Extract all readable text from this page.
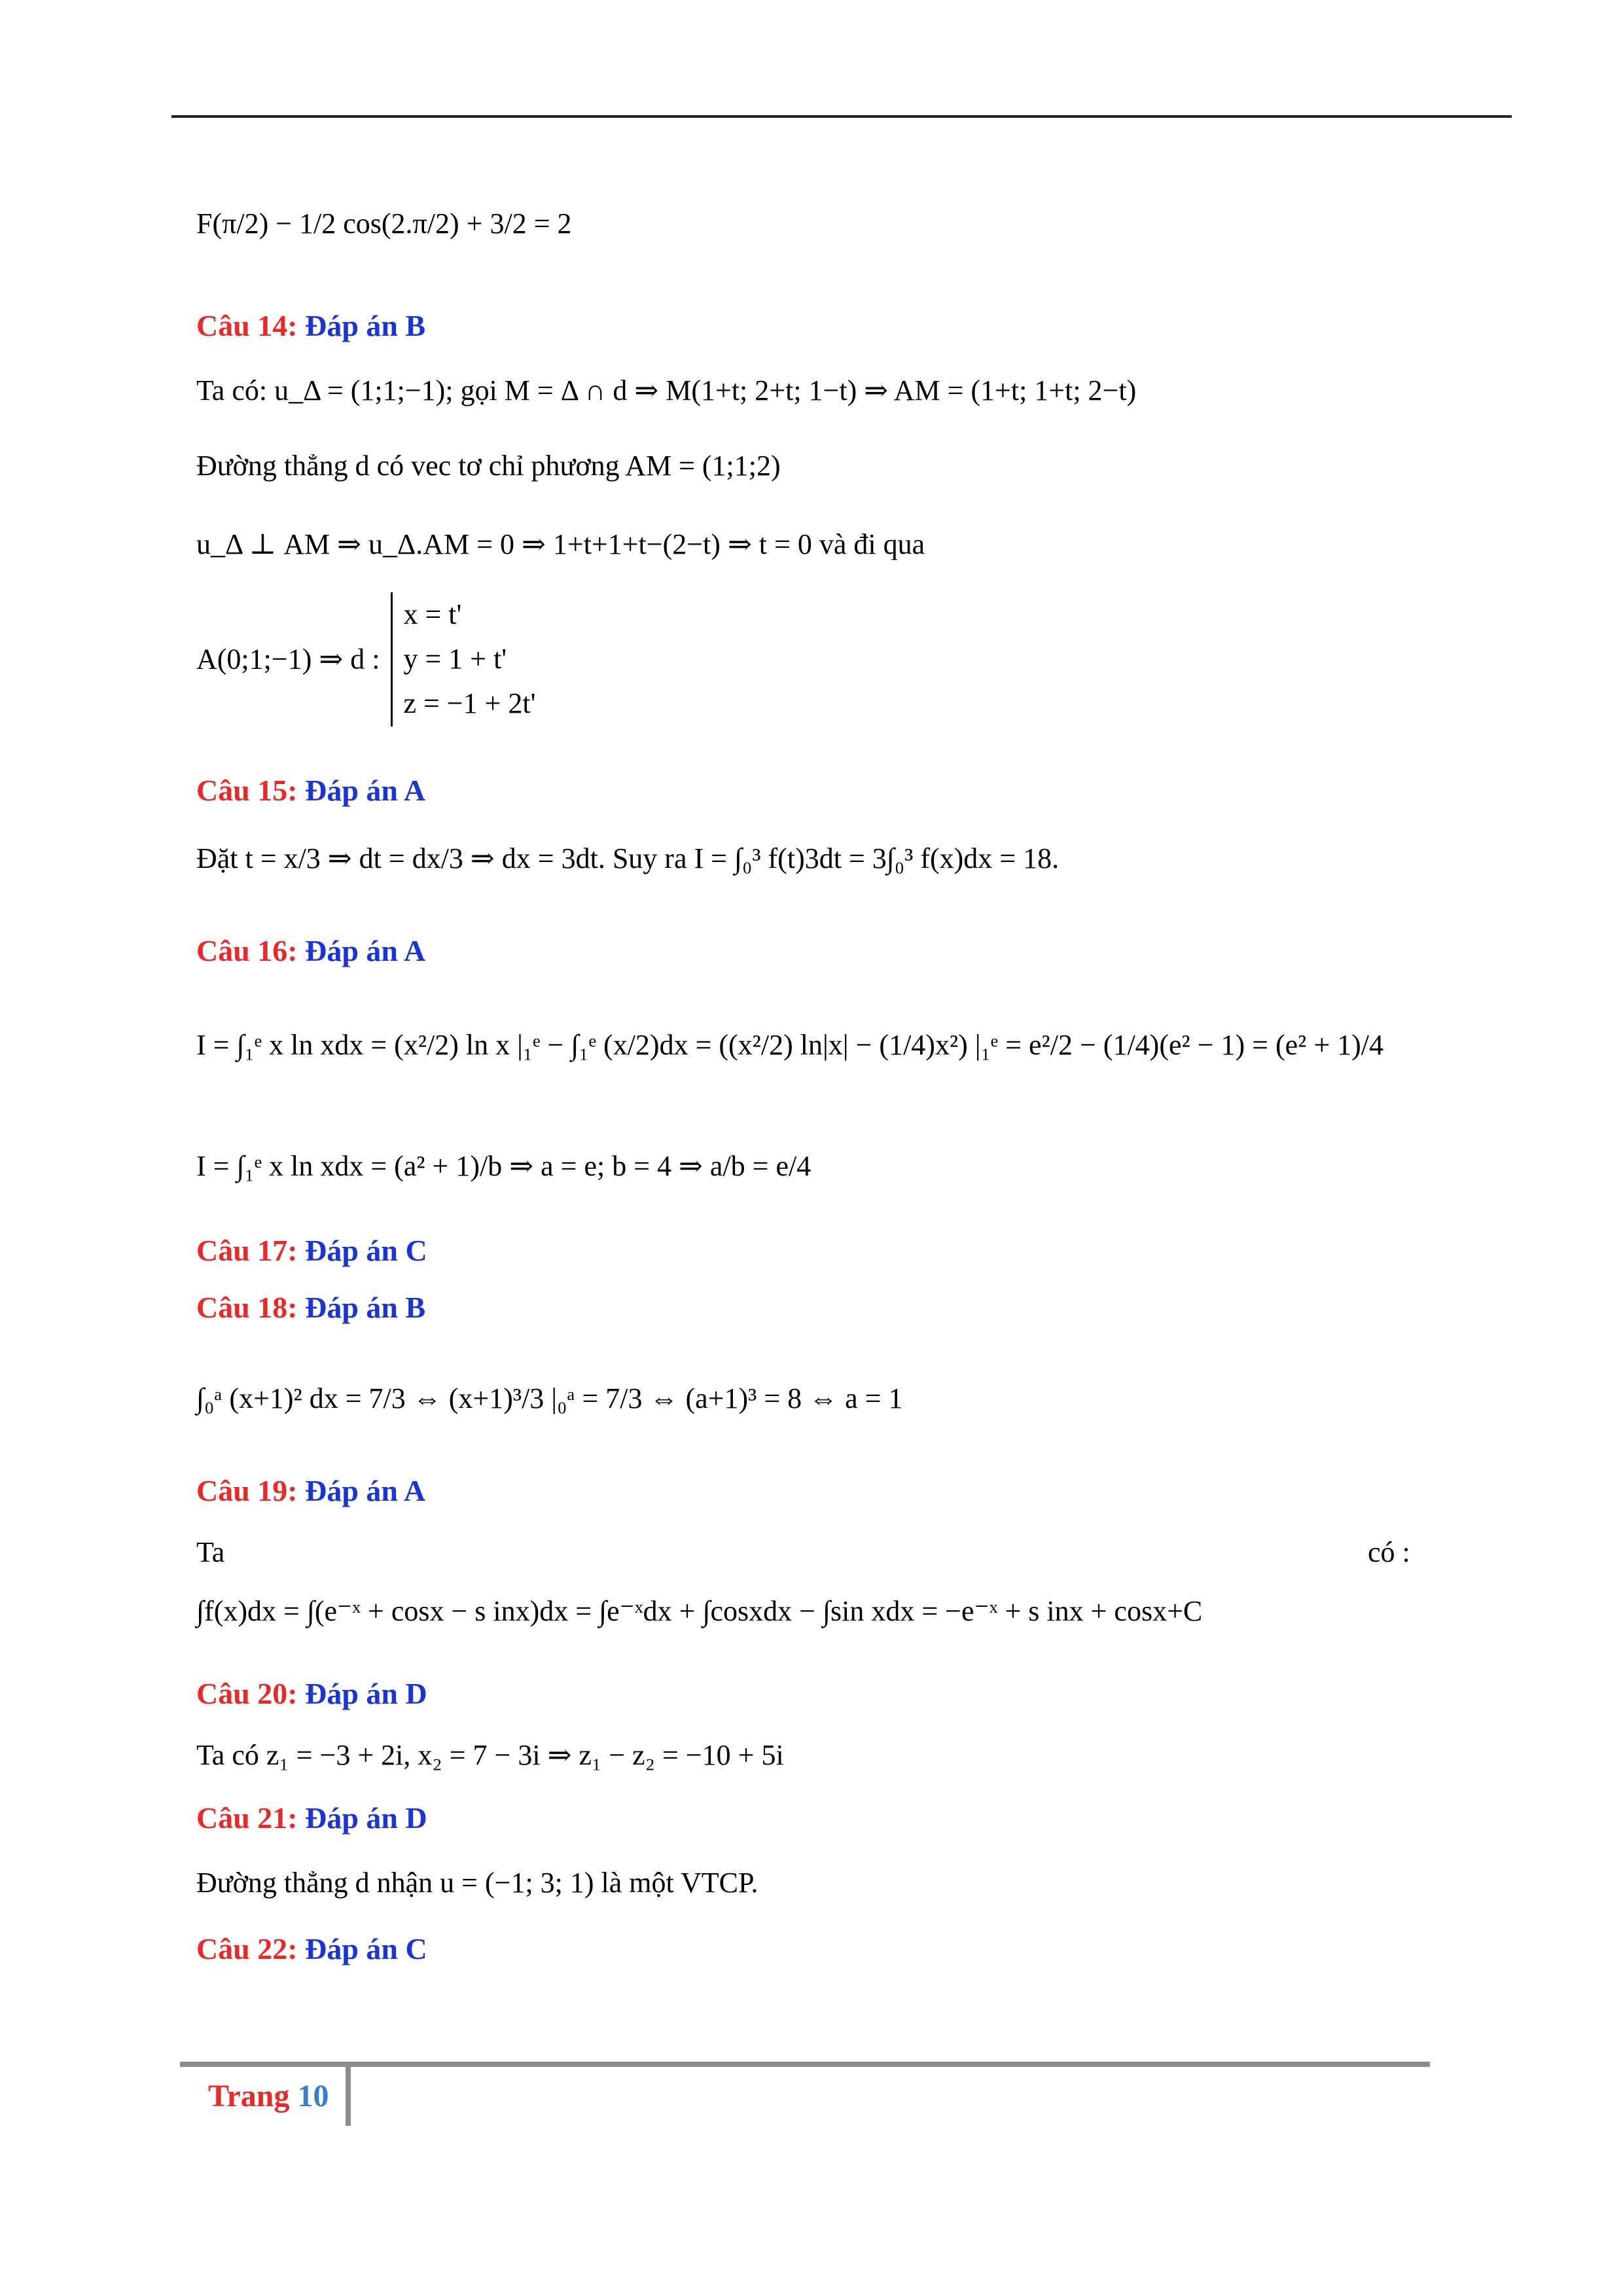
F(π/2) − 1/2 cos(2.π/2) + 3/2 = 2
Câu 14: Đáp án B
Ta có: u_Δ = (1;1;−1); gọi M = Δ ∩ d ⇒ M(1+t; 2+t; 1−t) ⇒ AM = (1+t; 1+t; 2−t)
Đường thẳng d có vec tơ chỉ phương AM = (1;1;2)
u_Δ ⊥ AM ⇒ u_Δ.AM = 0 ⇒ 1+t+1+t−(2−t) ⇒ t = 0 và đi qua
A(0;1;−1) ⇒ d : x = t'
y = 1 + t'
z = −1 + 2t'
Câu 15: Đáp án A
Đặt t = x/3 ⇒ dt = dx/3 ⇒ dx = 3dt. Suy ra I = ∫₀³ f(t)3dt = 3∫₀³ f(x)dx = 18.
Câu 16: Đáp án A
I = ∫₁ᵉ x ln xdx = (x²/2) ln x |₁ᵉ − ∫₁ᵉ (x/2)dx = ((x²/2) ln|x| − (1/4)x²) |₁ᵉ = e²/2 − (1/4)(e² − 1) = (e² + 1)/4
I = ∫₁ᵉ x ln xdx = (a² + 1)/b ⇒ a = e; b = 4 ⇒ a/b = e/4
Câu 17: Đáp án C
Câu 18: Đáp án B
∫₀ᵃ (x+1)² dx = 7/3 ⇔ (x+1)³/3 |₀ᵃ = 7/3 ⇔ (a+1)³ = 8 ⇔ a = 1
Câu 19: Đáp án A
Ta	có :
∫f(x)dx = ∫(e⁻ˣ + cosx − s inx)dx = ∫e⁻ˣdx + ∫cosxdx − ∫sin xdx = −e⁻ˣ + s inx + cosx+C
Câu 20: Đáp án D
Ta có z₁ = −3 + 2i, x₂ = 7 − 3i ⇒ z₁ − z₂ = −10 + 5i
Câu 21: Đáp án D
Đường thẳng d nhận u = (−1; 3; 1) là một VTCP.
Câu 22: Đáp án C
Trang 10
